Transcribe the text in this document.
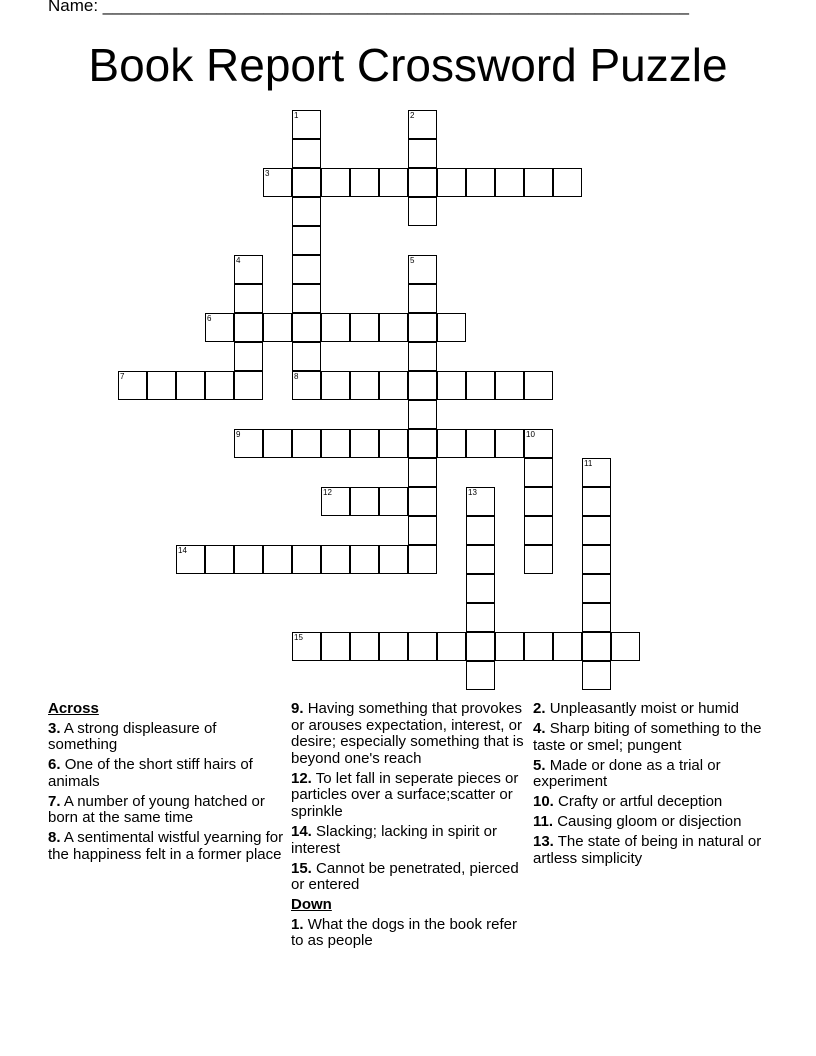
Name: ______________________________________________________________
Book Report Crossword Puzzle
1
8
2
3
4	5
6
7
9	10
11
12	13
14
15
Across
3. A strong displeasure of something
6. One of the short stiff hairs of animals
7. A number of young hatched or born at the same time
8. A sentimental wistful yearning for the happiness felt in a former place
9. Having something that provokes or arouses expectation, interest, or desire; especially something that is beyond one's reach
12. To let fall in seperate pieces or particles over a surface;scatter or sprinkle
14. Slacking; lacking in spirit or interest
15. Cannot be penetrated, pierced or entered
Down
1. What the dogs in the book refer to as people
2. Unpleasantly moist or humid
4. Sharp biting of something to the taste or smel; pungent
5. Made or done as a trial or experiment
10. Crafty or artful deception
11. Causing gloom or disjection
13. The state of being in natural or artless simplicity
